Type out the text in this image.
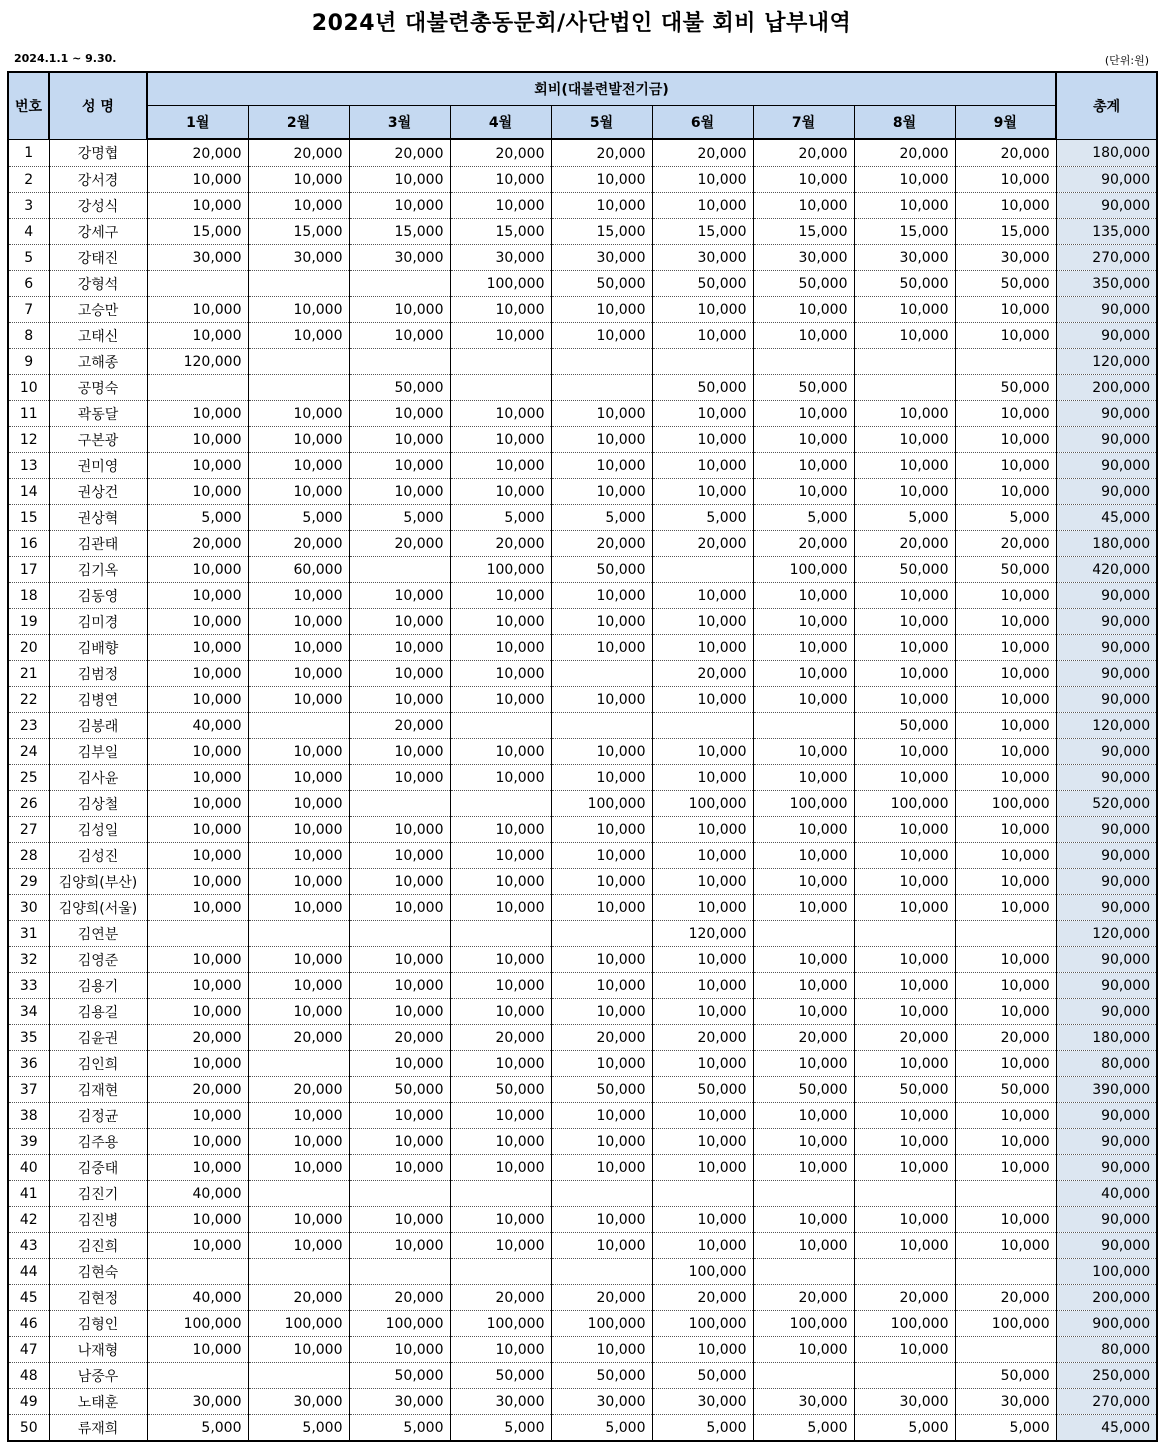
2024년 대불련총동문회/사단법인 대불 회비 납부내역
2024.1.1 ~ 9.30.	(단위:원)
번호	성 명	회비(대불련발전기금)									총계
		1월	2월	3월	4월	5월	6월	7월	8월	9월	
1	강명협	20,000	20,000	20,000	20,000	20,000	20,000	20,000	20,000	20,000	180,000
2	강서경	10,000	10,000	10,000	10,000	10,000	10,000	10,000	10,000	10,000	90,000
3	강성식	10,000	10,000	10,000	10,000	10,000	10,000	10,000	10,000	10,000	90,000
4	강세구	15,000	15,000	15,000	15,000	15,000	15,000	15,000	15,000	15,000	135,000
5	강태진	30,000	30,000	30,000	30,000	30,000	30,000	30,000	30,000	30,000	270,000
6	강형석				100,000	50,000	50,000	50,000	50,000	50,000	350,000
7	고승만	10,000	10,000	10,000	10,000	10,000	10,000	10,000	10,000	10,000	90,000
8	고태신	10,000	10,000	10,000	10,000	10,000	10,000	10,000	10,000	10,000	90,000
9	고해종	120,000									120,000
10	공명숙			50,000			50,000	50,000		50,000	200,000
11	곽동달	10,000	10,000	10,000	10,000	10,000	10,000	10,000	10,000	10,000	90,000
12	구본광	10,000	10,000	10,000	10,000	10,000	10,000	10,000	10,000	10,000	90,000
13	권미영	10,000	10,000	10,000	10,000	10,000	10,000	10,000	10,000	10,000	90,000
14	권상건	10,000	10,000	10,000	10,000	10,000	10,000	10,000	10,000	10,000	90,000
15	권상혁	5,000	5,000	5,000	5,000	5,000	5,000	5,000	5,000	5,000	45,000
16	김관태	20,000	20,000	20,000	20,000	20,000	20,000	20,000	20,000	20,000	180,000
17	김기옥	10,000	60,000		100,000	50,000		100,000	50,000	50,000	420,000
18	김동영	10,000	10,000	10,000	10,000	10,000	10,000	10,000	10,000	10,000	90,000
19	김미경	10,000	10,000	10,000	10,000	10,000	10,000	10,000	10,000	10,000	90,000
20	김배향	10,000	10,000	10,000	10,000	10,000	10,000	10,000	10,000	10,000	90,000
21	김범정	10,000	10,000	10,000	10,000		20,000	10,000	10,000	10,000	90,000
22	김병연	10,000	10,000	10,000	10,000	10,000	10,000	10,000	10,000	10,000	90,000
23	김봉래	40,000		20,000					50,000	10,000	120,000
24	김부일	10,000	10,000	10,000	10,000	10,000	10,000	10,000	10,000	10,000	90,000
25	김사윤	10,000	10,000	10,000	10,000	10,000	10,000	10,000	10,000	10,000	90,000
26	김상철	10,000	10,000			100,000	100,000	100,000	100,000	100,000	520,000
27	김성일	10,000	10,000	10,000	10,000	10,000	10,000	10,000	10,000	10,000	90,000
28	김성진	10,000	10,000	10,000	10,000	10,000	10,000	10,000	10,000	10,000	90,000
29	김양희(부산)	10,000	10,000	10,000	10,000	10,000	10,000	10,000	10,000	10,000	90,000
30	김양희(서울)	10,000	10,000	10,000	10,000	10,000	10,000	10,000	10,000	10,000	90,000
31	김연분						120,000				120,000
32	김영준	10,000	10,000	10,000	10,000	10,000	10,000	10,000	10,000	10,000	90,000
33	김용기	10,000	10,000	10,000	10,000	10,000	10,000	10,000	10,000	10,000	90,000
34	김용길	10,000	10,000	10,000	10,000	10,000	10,000	10,000	10,000	10,000	90,000
35	김윤권	20,000	20,000	20,000	20,000	20,000	20,000	20,000	20,000	20,000	180,000
36	김인희	10,000		10,000	10,000	10,000	10,000	10,000	10,000	10,000	80,000
37	김재현	20,000	20,000	50,000	50,000	50,000	50,000	50,000	50,000	50,000	390,000
38	김정균	10,000	10,000	10,000	10,000	10,000	10,000	10,000	10,000	10,000	90,000
39	김주용	10,000	10,000	10,000	10,000	10,000	10,000	10,000	10,000	10,000	90,000
40	김중태	10,000	10,000	10,000	10,000	10,000	10,000	10,000	10,000	10,000	90,000
41	김진기	40,000									40,000
42	김진병	10,000	10,000	10,000	10,000	10,000	10,000	10,000	10,000	10,000	90,000
43	김진희	10,000	10,000	10,000	10,000	10,000	10,000	10,000	10,000	10,000	90,000
44	김현숙						100,000				100,000
45	김현정	40,000	20,000	20,000	20,000	20,000	20,000	20,000	20,000	20,000	200,000
46	김형인	100,000	100,000	100,000	100,000	100,000	100,000	100,000	100,000	100,000	900,000
47	나재형	10,000	10,000	10,000	10,000	10,000	10,000	10,000	10,000		80,000
48	남중우			50,000	50,000	50,000	50,000			50,000	250,000
49	노태훈	30,000	30,000	30,000	30,000	30,000	30,000	30,000	30,000	30,000	270,000
50	류재희	5,000	5,000	5,000	5,000	5,000	5,000	5,000	5,000	5,000	45,000
